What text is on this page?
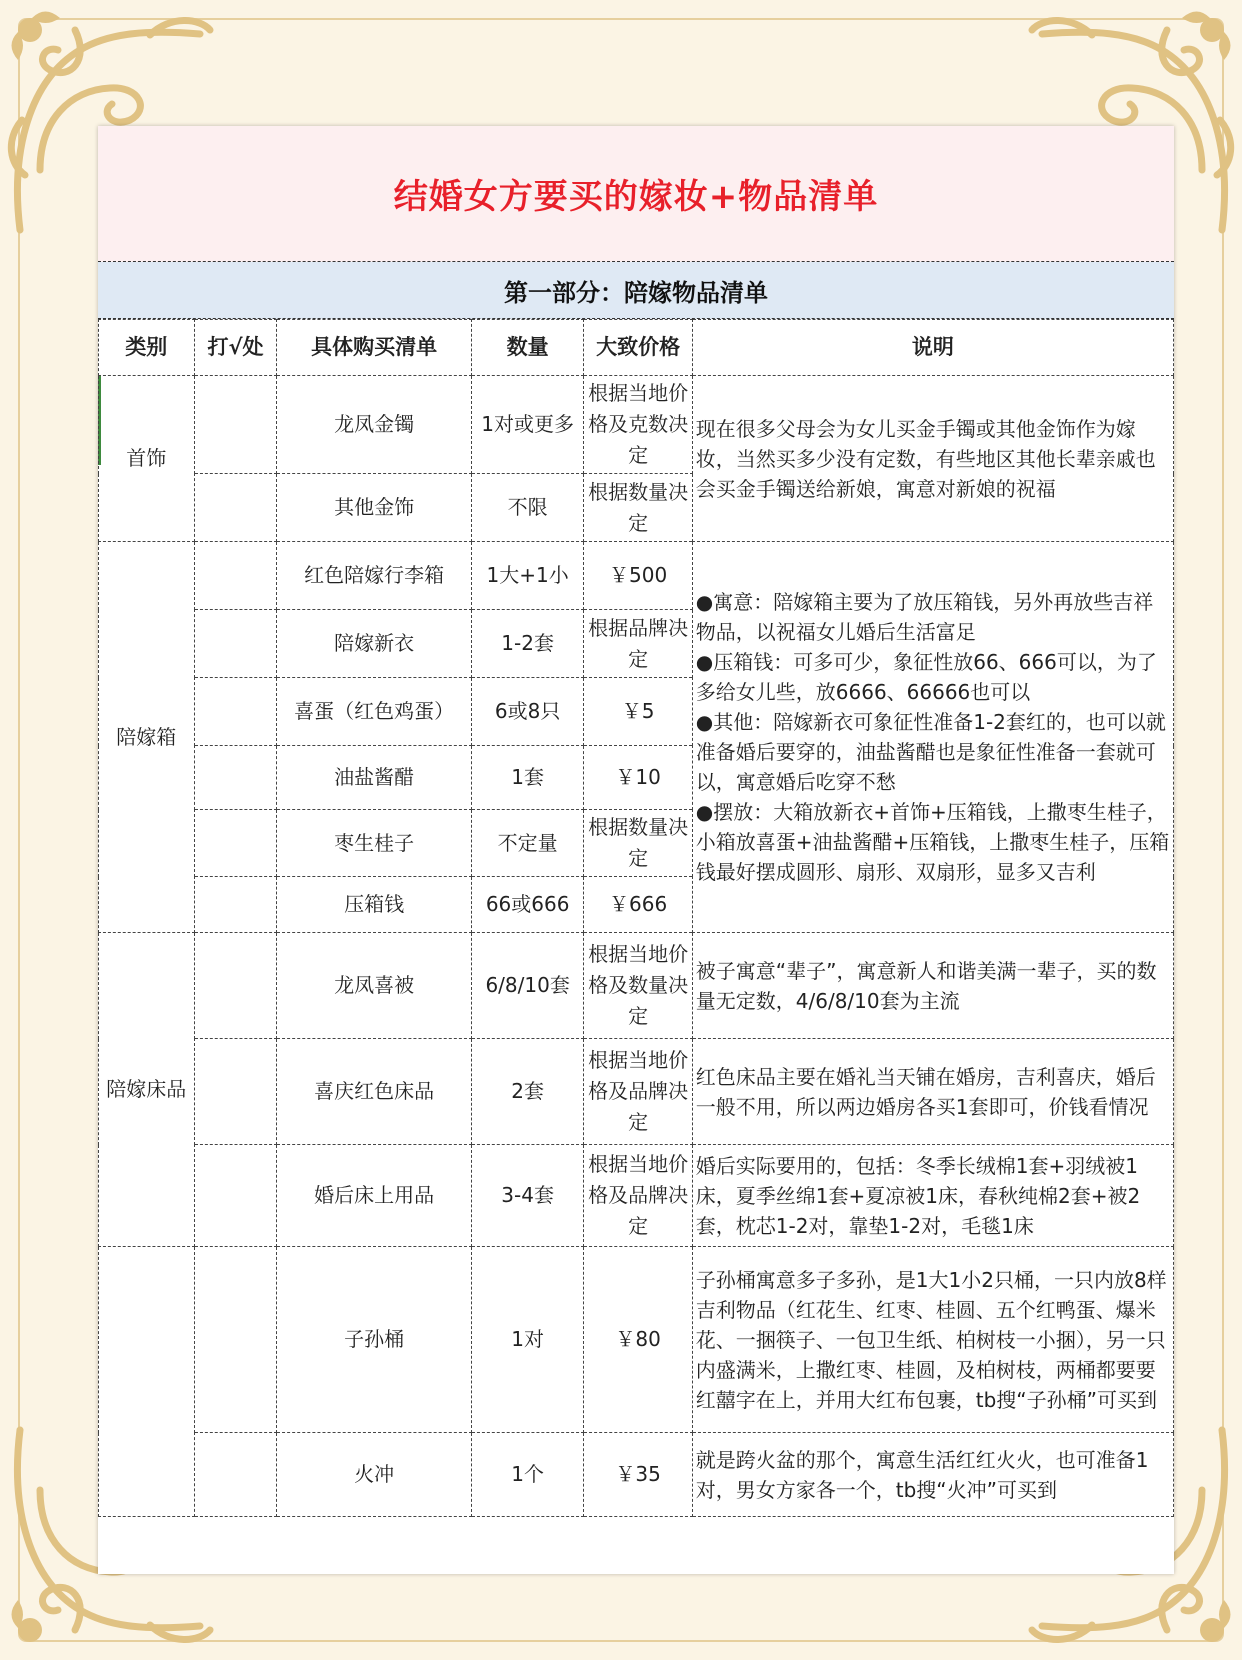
结婚女方要买的嫁妆+物品清单
第一部分：陪嫁物品清单
类别	打√处	具体购买清单	数量	大致价格	说明
首饰		龙凤金镯	1对或更多	根据当地价格及克数决定	现在很多父母会为女儿买金手镯或其他金饰作为嫁妆，当然买多少没有定数，有些地区其他长辈亲戚也会买金手镯送给新娘，寓意对新娘的祝福
		其他金饰	不限	根据数量决定	
陪嫁箱		红色陪嫁行李箱	1大+1小	￥500	●寓意：陪嫁箱主要为了放压箱钱，另外再放些吉祥物品，以祝福女儿婚后生活富足
●压箱钱：可多可少，象征性放66、666可以，为了多给女儿些，放6666、66666也可以
●其他：陪嫁新衣可象征性准备1-2套红的，也可以就准备婚后要穿的，油盐酱醋也是象征性准备一套就可以，寓意婚后吃穿不愁
●摆放：大箱放新衣+首饰+压箱钱，上撒枣生桂子，小箱放喜蛋+油盐酱醋+压箱钱，上撒枣生桂子，压箱钱最好摆成圆形、扇形、双扇形，显多又吉利
		陪嫁新衣	1-2套	根据品牌决定	
		喜蛋（红色鸡蛋）	6或8只	￥5	
		油盐酱醋	1套	￥10	
		枣生桂子	不定量	根据数量决定	
		压箱钱	66或666	￥666	
陪嫁床品		龙凤喜被	6/8/10套	根据当地价格及数量决定	被子寓意“辈子”，寓意新人和谐美满一辈子，买的数量无定数，4/6/8/10套为主流
		喜庆红色床品	2套	根据当地价格及品牌决定	红色床品主要在婚礼当天铺在婚房，吉利喜庆，婚后一般不用，所以两边婚房各买1套即可，价钱看情况
		婚后床上用品	3-4套	根据当地价格及品牌决定	婚后实际要用的，包括：冬季长绒棉1套+羽绒被1床，夏季丝绵1套+夏凉被1床，春秋纯棉2套+被2套，枕芯1-2对，靠垫1-2对，毛毯1床
		子孙桶	1对	￥80	子孙桶寓意多子多孙，是1大1小2只桶，一只内放8样吉利物品（红花生、红枣、桂圆、五个红鸭蛋、爆米花、一捆筷子、一包卫生纸、柏树枝一小捆），另一只内盛满米，上撒红枣、桂圆，及柏树枝，两桶都要要红囍字在上，并用大红布包裹，tb搜“子孙桶”可买到
		火冲	1个	￥35	就是跨火盆的那个，寓意生活红红火火，也可准备1对，男女方家各一个，tb搜“火冲”可买到
